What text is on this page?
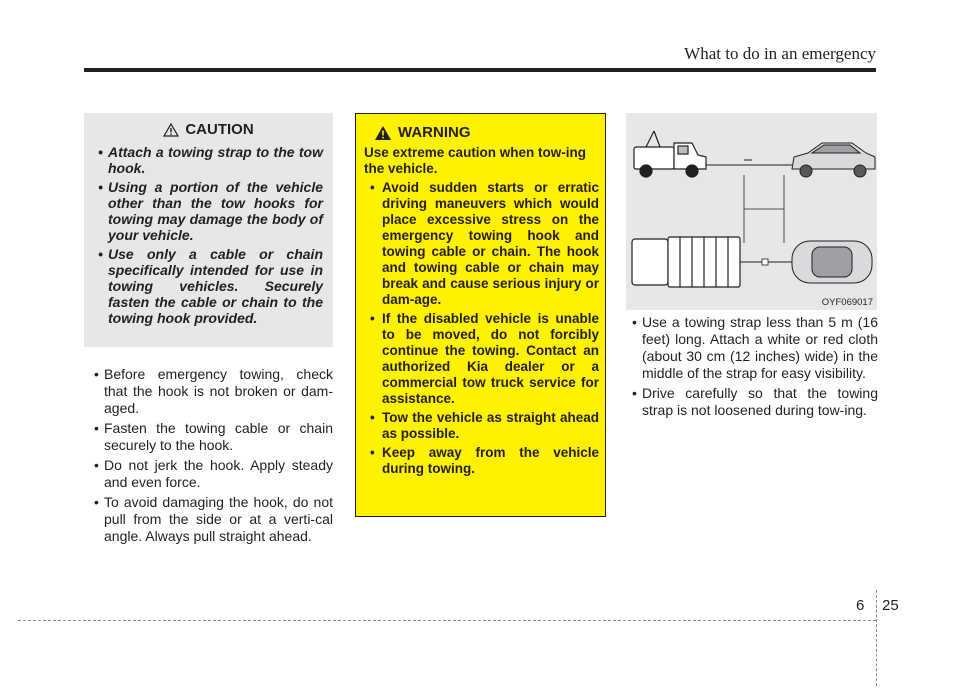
What to do in an emergency
CAUTION
• Attach a towing strap to the tow hook.
• Using a portion of the vehicle other than the tow hooks for towing may damage the body of your vehicle.
• Use only a cable or chain specifically intended for use in towing vehicles. Securely fasten the cable or chain to the towing hook provided.
• Before emergency towing, check that the hook is not broken or dam-aged.
• Fasten the towing cable or chain securely to the hook.
• Do not jerk the hook. Apply steady and even force.
• To avoid damaging the hook, do not pull from the side or at a verti-cal angle. Always pull straight ahead.
WARNING

Use extreme caution when tow-ing the vehicle.

• Avoid sudden starts or erratic driving maneuvers which would place excessive stress on the emergency towing hook and towing cable or chain. The hook and towing cable or chain may break and cause serious injury or dam-age.
• If the disabled vehicle is unable to be moved, do not forcibly continue the towing. Contact an authorized Kia dealer or a commercial tow truck service for assistance.
• Tow the vehicle as straight ahead as possible.
• Keep away from the vehicle during towing.
OYF069017
• Use a towing strap less than 5 m (16 feet) long. Attach a white or red cloth (about 30 cm (12 inches) wide) in the middle of the strap for easy visibility.
• Drive carefully so that the towing strap is not loosened during tow-ing.
6 25
